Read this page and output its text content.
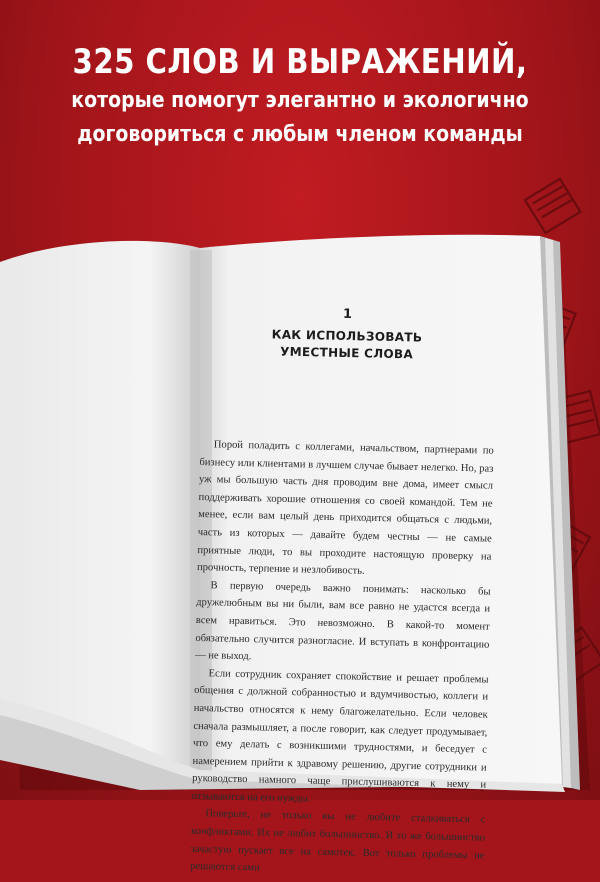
325 СЛОВ И ВЫРАЖЕНИЙ,
которые помогут элегантно и экологично
договориться с любым членом команды
1
КАК ИСПОЛЬЗОВАТЬ
УМЕСТНЫЕ СЛОВА

Порой поладить с коллегами, начальством, партнерами по бизнесу или клиентами в лучшем случае бывает нелегко. Но, раз уж мы большую часть дня проводим вне дома, имеет смысл поддерживать хорошие отношения со своей командой. Тем не менее, если вам целый день приходится общаться с людьми, часть из которых — давайте будем честны — не самые приятные люди, то вы проходите настоящую проверку на прочность, терпение и незлобивость.

В первую очередь важно понимать: насколько бы дружелюбным вы ни были, вам все равно не удастся всегда и всем нравиться. Это невозможно. В какой-то момент обязательно случится разногласие. И вступать в конфронтацию — не выход.

Если сотрудник сохраняет спокойствие и решает проблемы общения с должной собранностью и вдумчивостью, коллеги и начальство относятся к нему благожелательно. Если человек сначала размышляет, а после говорит, как следует продумывает, что ему делать с возникшими трудностями, и беседует с намерением прийти к здравому решению, другие сотрудники и руководство намного чаще прислушиваются к нему и отзываются на его нужды.

Поверьте, не только вы не любите сталкиваться с конфликтами. Их не любит большинство. И то же большинство зачастую пускает все на самотек. Вот только проблемы не решаются сами
